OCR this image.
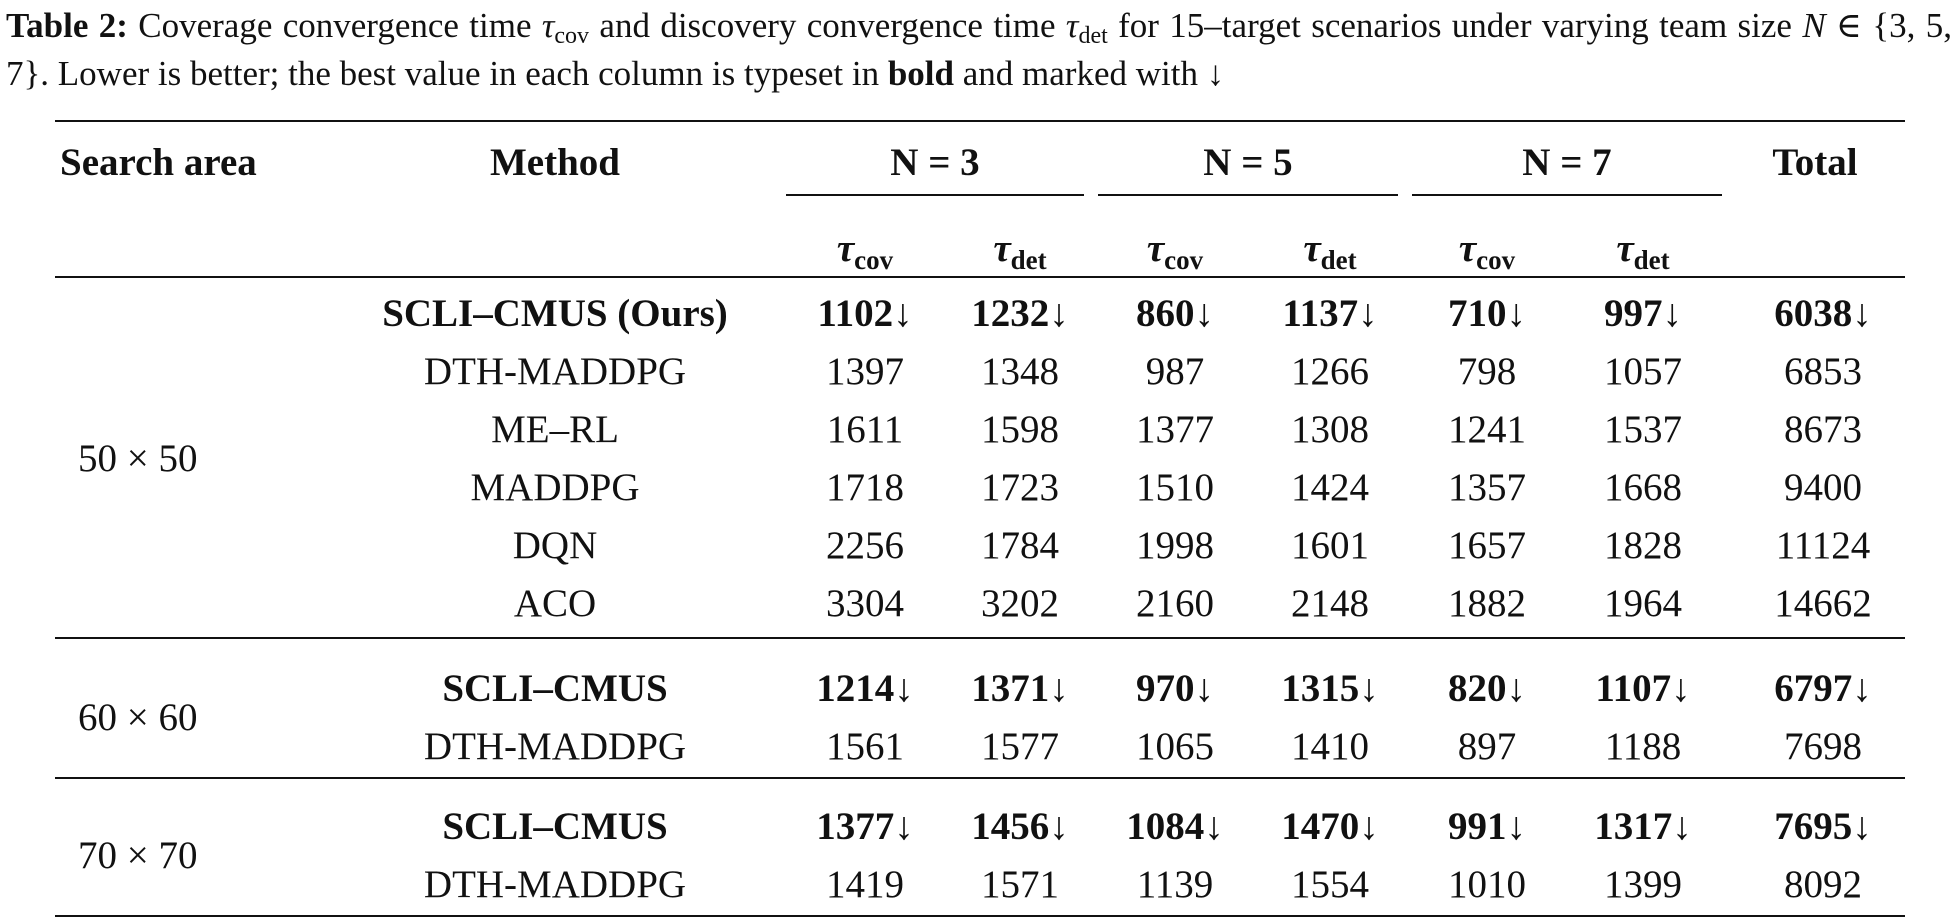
Table 2: Coverage convergence time $\tau_{cov}$ and discovery convergence time $\tau_{det}$ for 15–target scenarios under varying team size N ∈ {3, 5, 7}. Lower is better; the best value in each column is typeset in bold and marked with ↓
Search area	Method	N = 3	N = 5	N = 7	Total
$\tau_{cov}$	$\tau_{det}$	$\tau_{cov}$	$\tau_{det}$	$\tau_{cov}$	$\tau_{det}$
50 × 50
SCLI–CMUS (Ours)	1102↓	1232↓	860↓	1137↓	710↓	997↓	6038↓
DTH-MADDPG	1397	1348	987	1266	798	1057	6853
ME–RL	1611	1598	1377	1308	1241	1537	8673
MADDPG	1718	1723	1510	1424	1357	1668	9400
DQN	2256	1784	1998	1601	1657	1828	11124
ACO	3304	3202	2160	2148	1882	1964	14662
60 × 60
SCLI–CMUS	1214↓	1371↓	970↓	1315↓	820↓	1107↓	6797↓
DTH-MADDPG	1561	1577	1065	1410	897	1188	7698
70 × 70
SCLI–CMUS	1377↓	1456↓	1084↓	1470↓	991↓	1317↓	7695↓
DTH-MADDPG	1419	1571	1139	1554	1010	1399	8092
